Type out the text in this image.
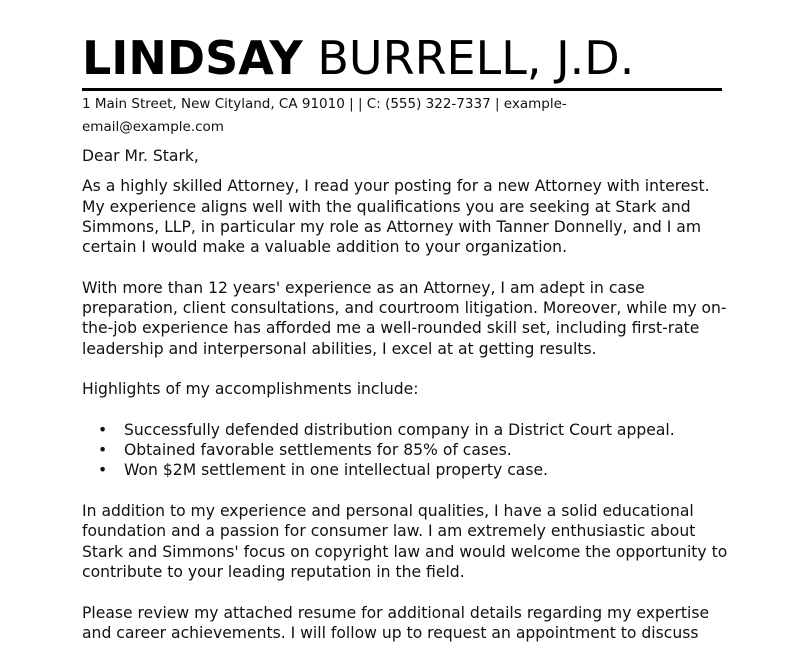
LINDSAY BURRELL, J.D.
1 Main Street, New Cityland, CA 91010 | | C: (555) 322-7337 | example-email@example.com

Dear Mr. Stark,

As a highly skilled Attorney, I read your posting for a new Attorney with interest. My experience aligns well with the qualifications you are seeking at Stark and Simmons, LLP, in particular my role as Attorney with Tanner Donnelly, and I am certain I would make a valuable addition to your organization.

With more than 12 years' experience as an Attorney, I am adept in case preparation, client consultations, and courtroom litigation. Moreover, while my on-the-job experience has afforded me a well-rounded skill set, including first-rate leadership and interpersonal abilities, I excel at at getting results.

Highlights of my accomplishments include:

• Successfully defended distribution company in a District Court appeal.
• Obtained favorable settlements for 85% of cases.
• Won $2M settlement in one intellectual property case.

In addition to my experience and personal qualities, I have a solid educational foundation and a passion for consumer law. I am extremely enthusiastic about Stark and Simmons' focus on copyright law and would welcome the opportunity to contribute to your leading reputation in the field.

Please review my attached resume for additional details regarding my expertise and career achievements. I will follow up to request an appointment to discuss
